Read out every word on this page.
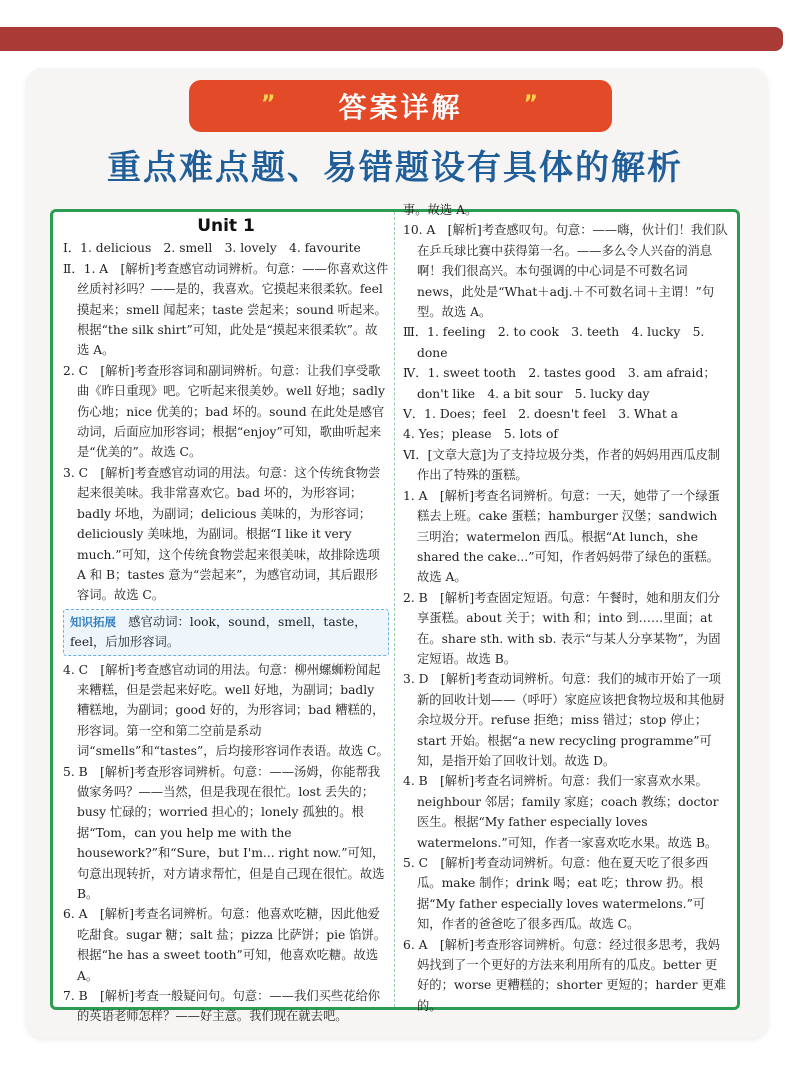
” 答案详解	”
重点难点题、易错题设有具体的解析
Unit 1

Ⅰ．1. delicious　2. smell　3. lovely　4. favourite

Ⅱ．1. A　[解析]考查感官动词辨析。句意：——你喜欢这件丝质衬衫吗？——是的，我喜欢。它摸起来很柔软。feel 摸起来；smell 闻起来；taste 尝起来；sound 听起来。根据“the silk shirt”可知，此处是“摸起来很柔软”。故选 A。

2. C　[解析]考查形容词和副词辨析。句意：让我们享受歌曲《昨日重现》吧。它听起来很美妙。well 好地；sadly 伤心地；nice 优美的；bad 坏的。sound 在此处是感官动词，后面应加形容词；根据“enjoy”可知，歌曲听起来是“优美的”。故选 C。

3. C　[解析]考查感官动词的用法。句意：这个传统食物尝起来很美味。我非常喜欢它。bad 坏的，为形容词；badly 坏地，为副词；delicious 美味的，为形容词；deliciously 美味地，为副词。根据“I like it very much.”可知，这个传统食物尝起来很美味，故排除选项 A 和 B；tastes 意为“尝起来”，为感官动词，其后跟形容词。故选 C。

知识拓展　感官动词：look，sound，smell，taste，feel，后加形容词。

4. C　[解析]考查感官动词的用法。句意：柳州螺蛳粉闻起来糟糕，但是尝起来好吃。well 好地，为副词；badly 糟糕地，为副词；good 好的，为形容词；bad 糟糕的，形容词。第一空和第二空前是系动词“smells”和“tastes”，后均接形容词作表语。故选 C。

5. B　[解析]考查形容词辨析。句意：——汤姆，你能帮我做家务吗？——当然，但是我现在很忙。lost 丢失的；busy 忙碌的；worried 担心的；lonely 孤独的。根据“Tom，can you help me with the housework?”和“Sure，but I'm... right now.”可知，句意出现转折，对方请求帮忙，但是自己现在很忙。故选 B。

6. A　[解析]考查名词辨析。句意：他喜欢吃糖，因此他爱吃甜食。sugar 糖；salt 盐；pizza 比萨饼；pie 馅饼。根据“he has a sweet tooth”可知，他喜欢吃糖。故选 A。

7. B　[解析]考查一般疑问句。句意：——我们买些花给你的英语老师怎样？——好主意。我们现在就去吧。

事。故选 A。

10. A　[解析]考查感叹句。句意：——嗨，伙计们！我们队在乒乓球比赛中获得第一名。——多么令人兴奋的消息啊！我们很高兴。本句强调的中心词是不可数名词 news，此处是“What＋adj.＋不可数名词＋主谓！”句型。故选 A。

Ⅲ．1. feeling　2. to cook　3. teeth　4. lucky　5. done

Ⅳ．1. sweet tooth　2. tastes good　3. am afraid；don't like　4. a bit sour　5. lucky day

Ⅴ．1. Does；feel　2. doesn't feel　3. What a

4. Yes；please　5. lots of

Ⅵ．[文章大意]为了支持垃圾分类，作者的妈妈用西瓜皮制作出了特殊的蛋糕。

1. A　[解析]考查名词辨析。句意：一天，她带了一个绿蛋糕去上班。cake 蛋糕；hamburger 汉堡；sandwich 三明治；watermelon 西瓜。根据“At lunch，she shared the cake...”可知，作者妈妈带了绿色的蛋糕。故选 A。

2. B　[解析]考查固定短语。句意：午餐时，她和朋友们分享蛋糕。about 关于；with 和；into 到……里面；at 在。share sth. with sb. 表示“与某人分享某物”，为固定短语。故选 B。

3. D　[解析]考查动词辨析。句意：我们的城市开始了一项新的回收计划——（呼吁）家庭应该把食物垃圾和其他厨余垃圾分开。refuse 拒绝；miss 错过；stop 停止；start 开始。根据“a new recycling programme”可知，是指开始了回收计划。故选 D。

4. B　[解析]考查名词辨析。句意：我们一家喜欢水果。neighbour 邻居；family 家庭；coach 教练；doctor 医生。根据“My father especially loves watermelons.”可知，作者一家喜欢吃水果。故选 B。

5. C　[解析]考查动词辨析。句意：他在夏天吃了很多西瓜。make 制作；drink 喝；eat 吃；throw 扔。根据“My father especially loves watermelons.”可知，作者的爸爸吃了很多西瓜。故选 C。

6. A　[解析]考查形容词辨析。句意：经过很多思考，我妈妈找到了一个更好的方法来利用所有的瓜皮。better 更好的；worse 更糟糕的；shorter 更短的；harder 更难的。
